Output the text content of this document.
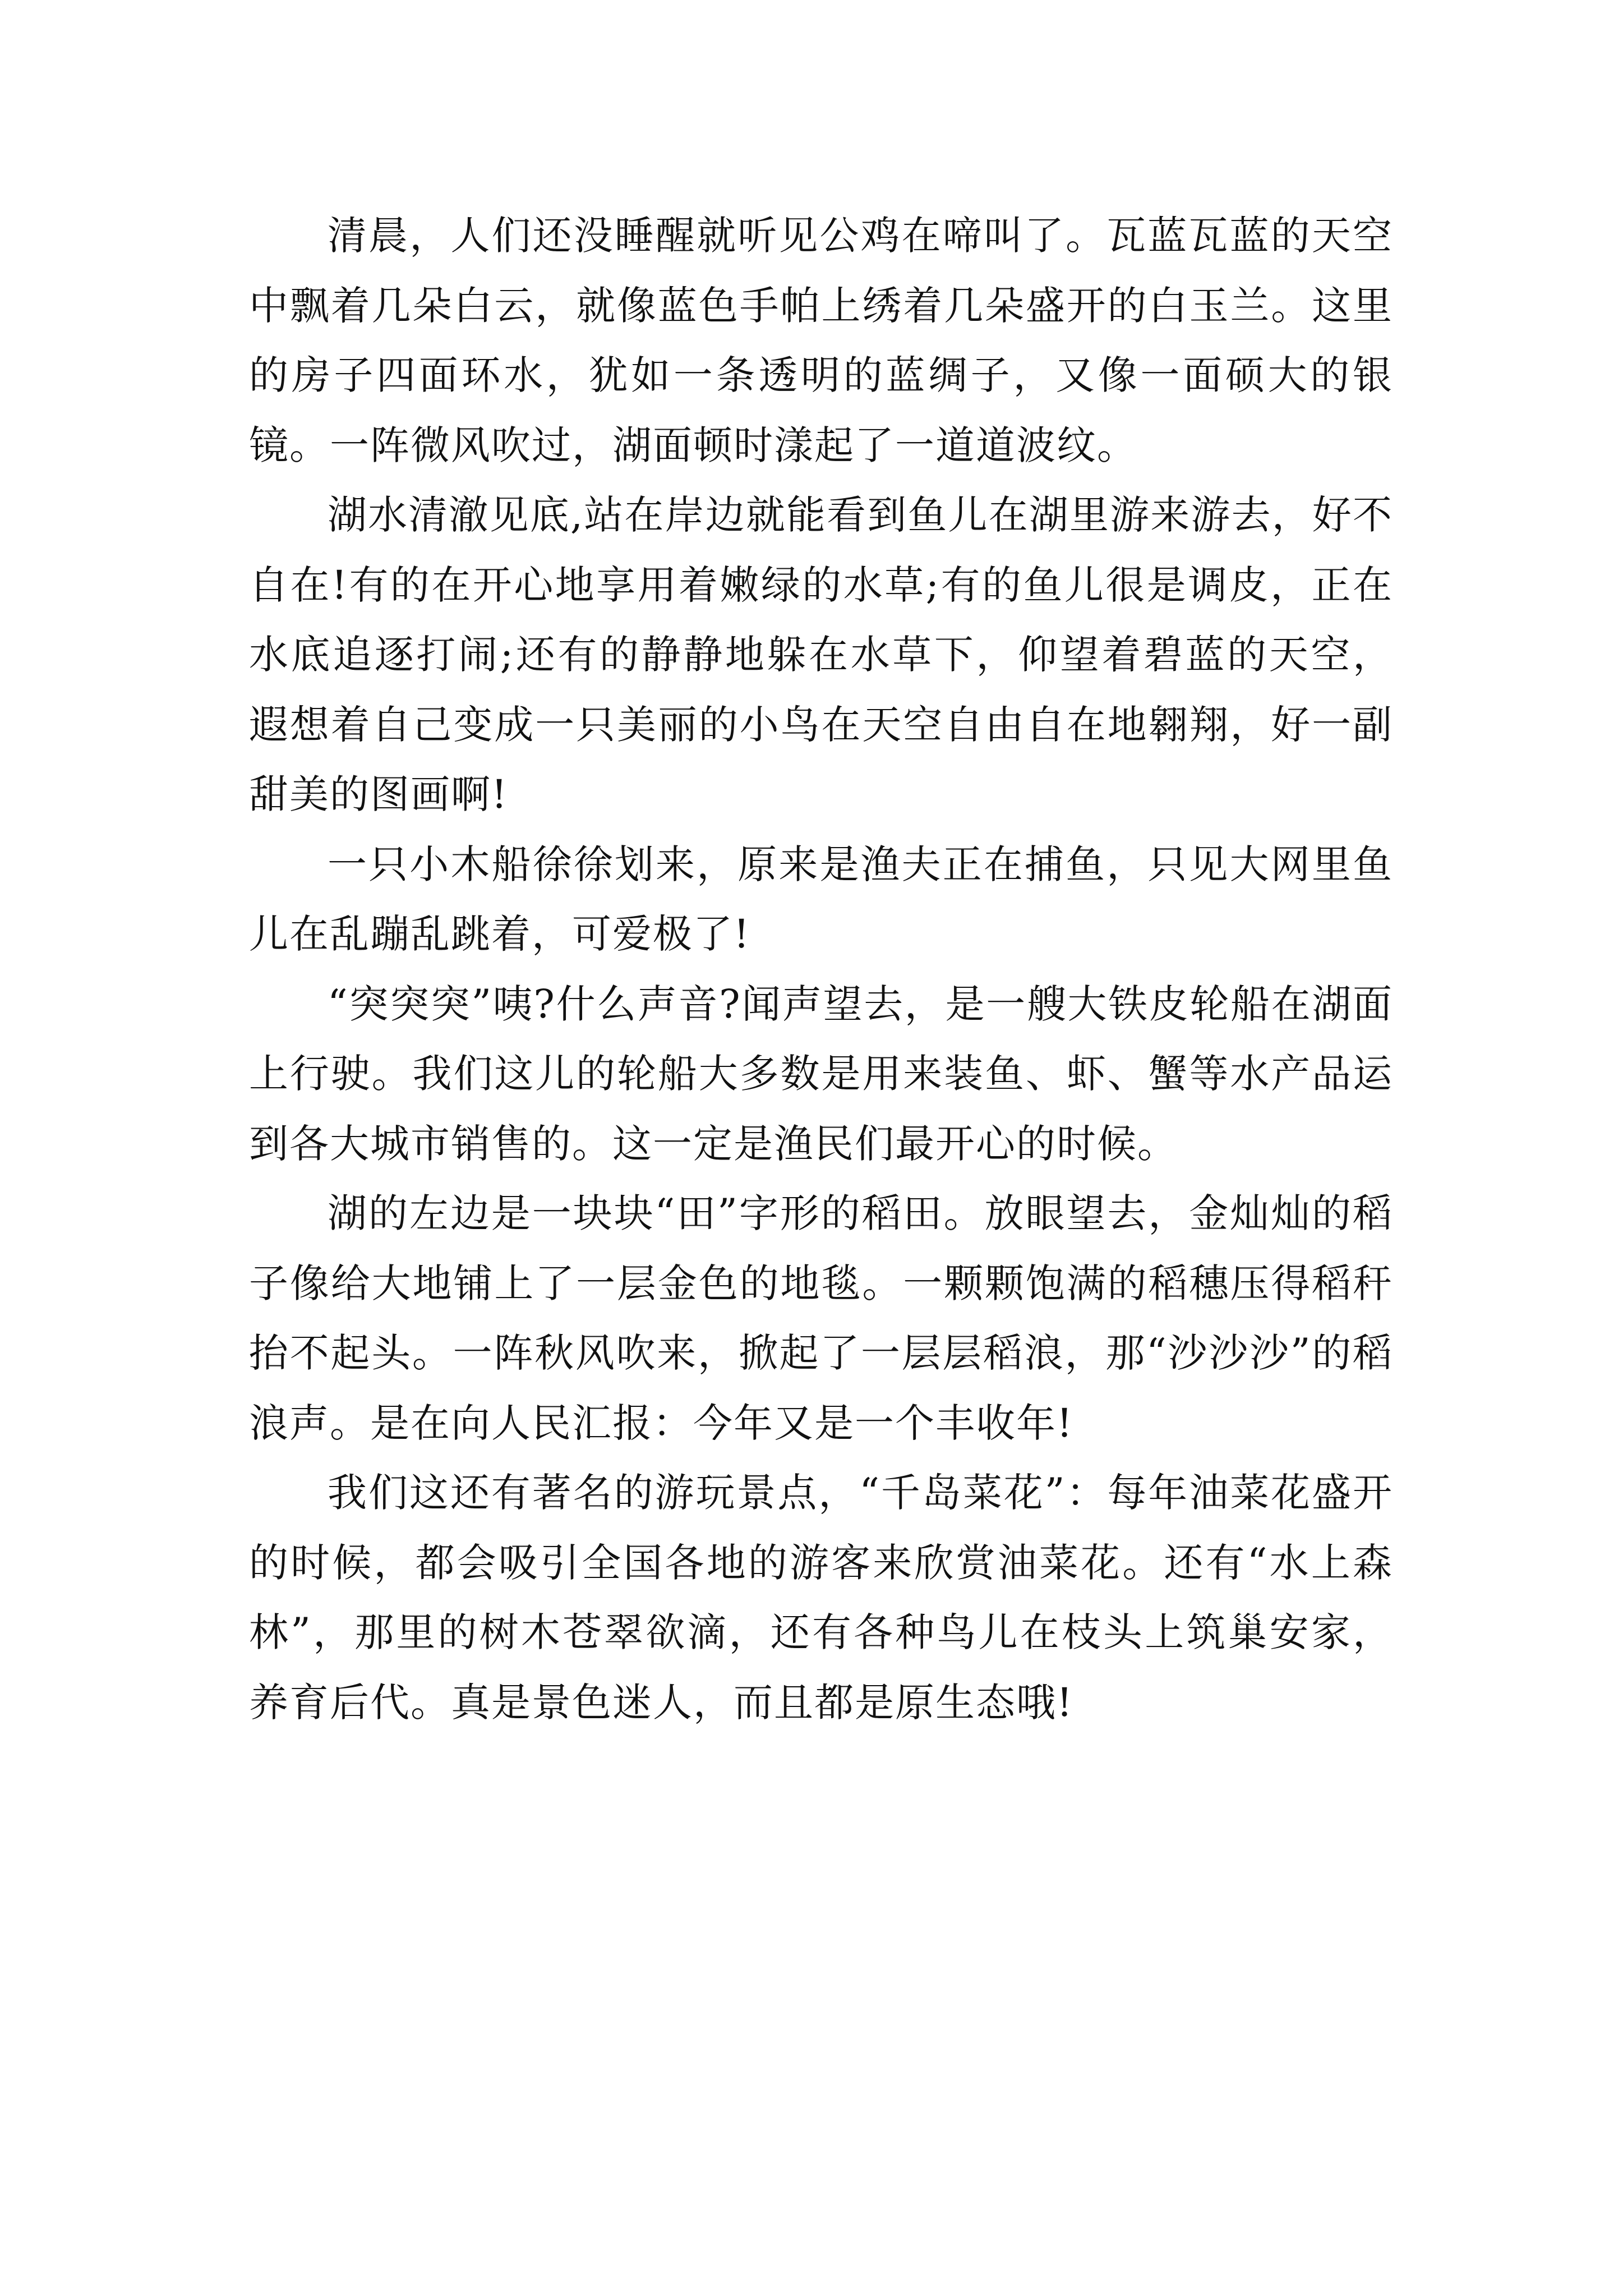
清晨，人们还没睡醒就听见公鸡在啼叫了。瓦蓝瓦蓝的天空中飘着几朵白云，就像蓝色手帕上绣着几朵盛开的白玉兰。这里的房子四面环水，犹如一条透明的蓝绸子，又像一面硕大的银镜。一阵微风吹过，湖面顿时漾起了一道道波纹。

湖水清澈见底,站在岸边就能看到鱼儿在湖里游来游去，好不自在!有的在开心地享用着嫩绿的水草;有的鱼儿很是调皮，正在水底追逐打闹;还有的静静地躲在水草下，仰望着碧蓝的天空，遐想着自己变成一只美丽的小鸟在天空自由自在地翱翔，好一副甜美的图画啊!

一只小木船徐徐划来，原来是渔夫正在捕鱼，只见大网里鱼儿在乱蹦乱跳着，可爱极了!

“突突突”咦?什么声音?闻声望去，是一艘大铁皮轮船在湖面上行驶。我们这儿的轮船大多数是用来装鱼、虾、蟹等水产品运到各大城市销售的。这一定是渔民们最开心的时候。

湖的左边是一块块“田”字形的稻田。放眼望去，金灿灿的稻子像给大地铺上了一层金色的地毯。一颗颗饱满的稻穗压得稻秆抬不起头。一阵秋风吹来，掀起了一层层稻浪，那“沙沙沙”的稻浪声。是在向人民汇报：今年又是一个丰收年!

我们这还有著名的游玩景点，“千岛菜花”：每年油菜花盛开的时候，都会吸引全国各地的游客来欣赏油菜花。还有“水上森林”，那里的树木苍翠欲滴，还有各种鸟儿在枝头上筑巢安家，养育后代。真是景色迷人，而且都是原生态哦!
